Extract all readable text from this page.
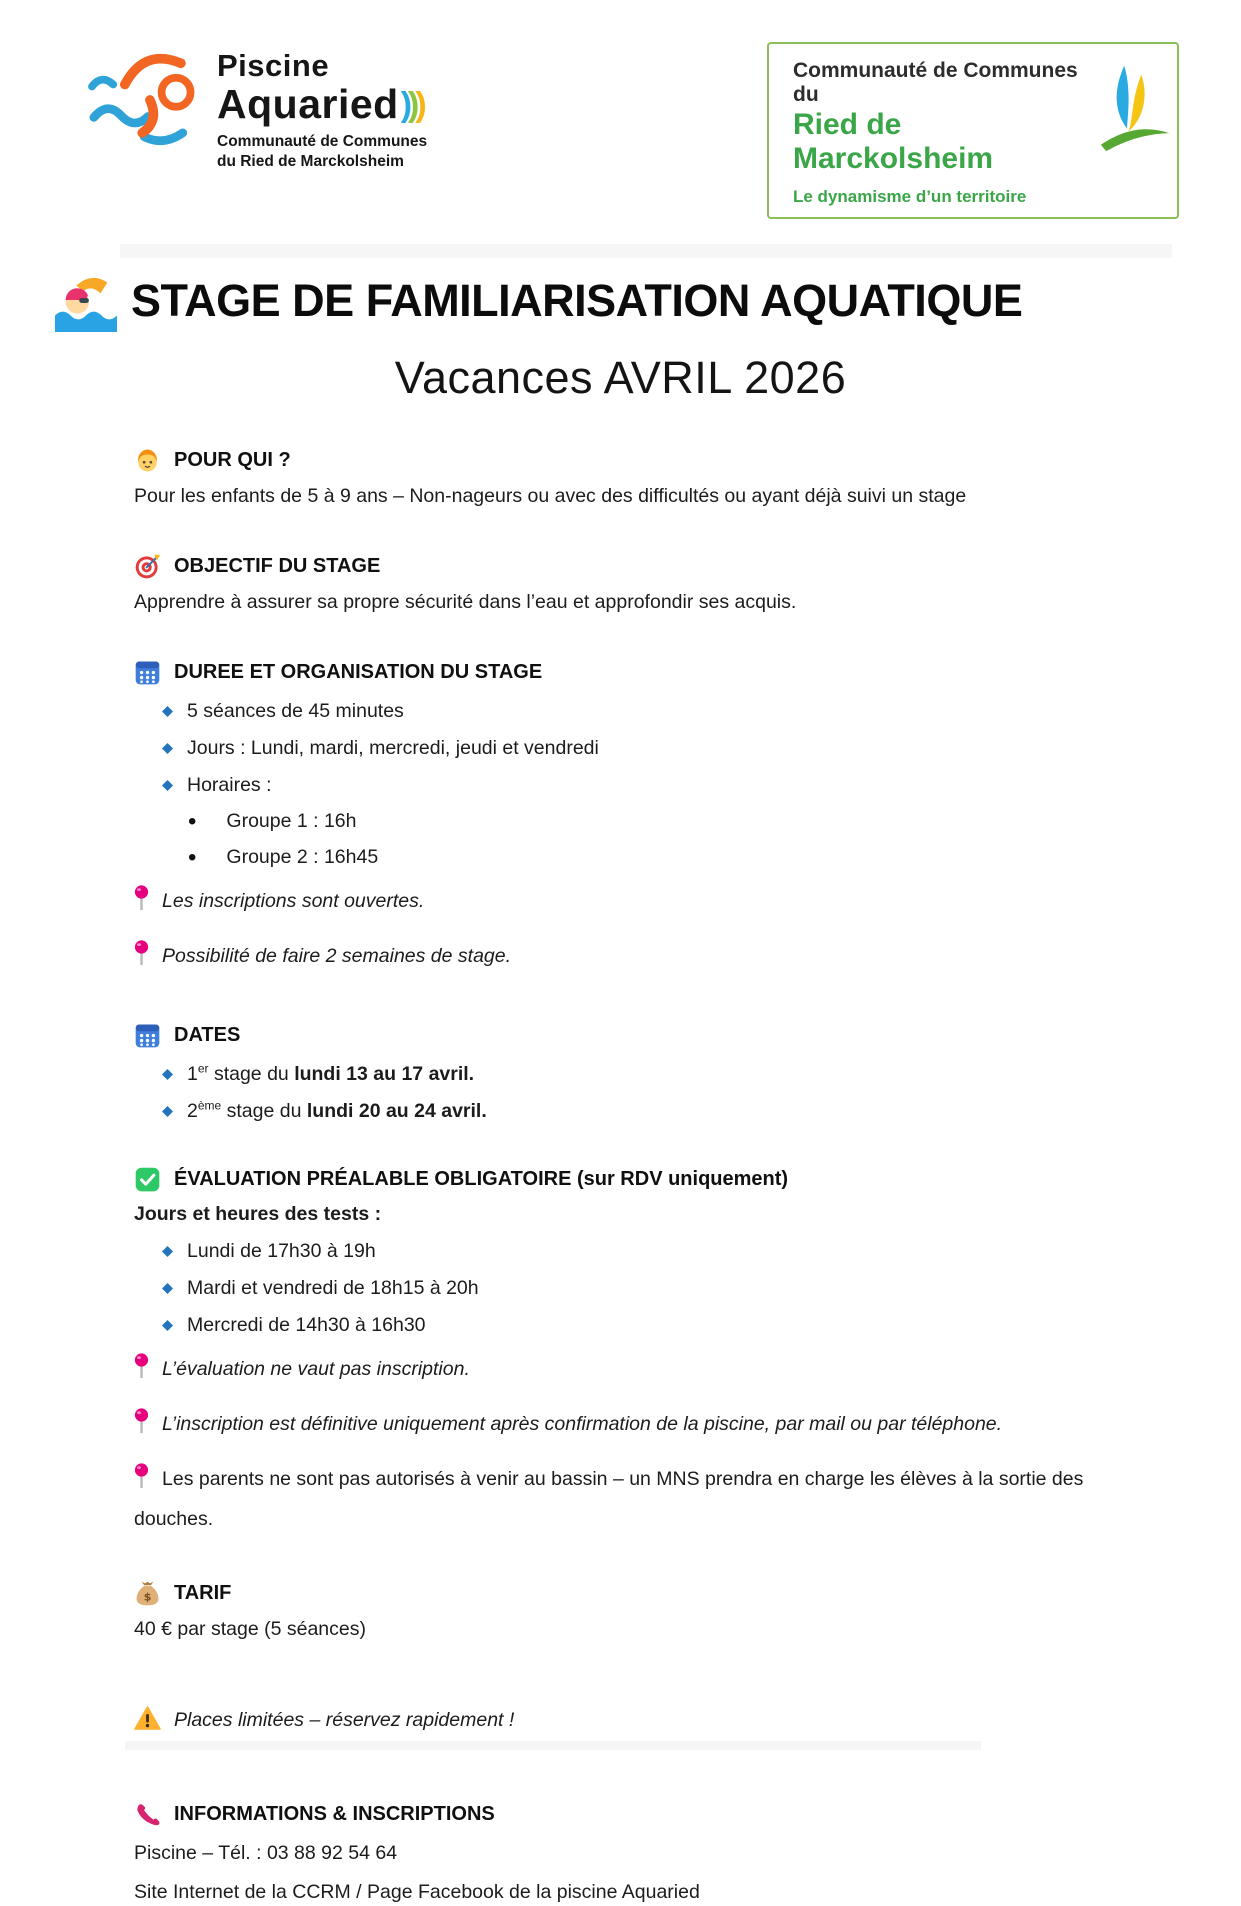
Piscine
Aquaried ) ) )
Communauté de Communes
du Ried de Marckolsheim
Communauté de Communes du
Ried de Marckolsheim
Le dynamisme d’un territoire
STAGE DE FAMILIARISATION AQUATIQUE
Vacances AVRIL 2026
POUR QUI ?
Pour les enfants de 5 à 9 ans – Non-nageurs ou avec des difficultés ou ayant déjà suivi un stage
OBJECTIF DU STAGE
Apprendre à assurer sa propre sécurité dans l’eau et approfondir ses acquis.
DUREE ET ORGANISATION DU STAGE
5 séances de 45 minutes
Jours : Lundi, mardi, mercredi, jeudi et vendredi
Horaires :
• Groupe 1 : 16h
• Groupe 2 : 16h45
Les inscriptions sont ouvertes.
Possibilité de faire 2 semaines de stage.
DATES
1er stage du lundi 13 au 17 avril.
2ème stage du lundi 20 au 24 avril.
ÉVALUATION PRÉALABLE OBLIGATOIRE (sur RDV uniquement)
Jours et heures des tests :
Lundi de 17h30 à 19h
Mardi et vendredi de 18h15 à 20h
Mercredi de 14h30 à 16h30
L’évaluation ne vaut pas inscription.
L’inscription est définitive uniquement après confirmation de la piscine, par mail ou par téléphone.
Les parents ne sont pas autorisés à venir au bassin – un MNS prendra en charge les élèves à la sortie des douches.
$ TARIF
40 € par stage (5 séances)
Places limitées – réservez rapidement !
INFORMATIONS & INSCRIPTIONS
Piscine – Tél. : 03 88 92 54 64
Site Internet de la CCRM / Page Facebook de la piscine Aquaried
